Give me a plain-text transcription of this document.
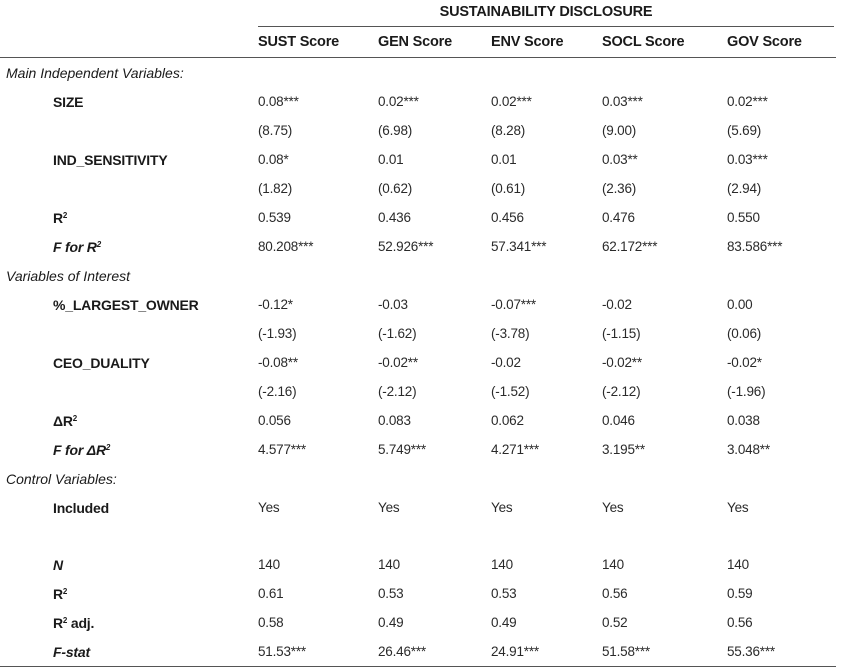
SUSTAINABILITY DISCLOSURE
	SUST Score	GEN Score	ENV Score	SOCL Score	GOV Score
Main Independent Variables:					
SIZE	0.08***	0.02***	0.02***	0.03***	0.02***
	(8.75)	(6.98)	(8.28)	(9.00)	(5.69)
IND_SENSITIVITY	0.08*	0.01	0.01	0.03**	0.03***
	(1.82)	(0.62)	(0.61)	(2.36)	(2.94)
$R^2$	0.539	0.436	0.456	0.476	0.550
F for $R^2$	80.208***	52.926***	57.341***	62.172***	83.586***
Variables of Interest					
%_LARGEST_OWNER	-0.12*	-0.03	-0.07***	-0.02	0.00
	(-1.93)	(-1.62)	(-3.78)	(-1.15)	(0.06)
CEO_DUALITY	-0.08**	-0.02**	-0.02	-0.02**	-0.02*
	(-2.16)	(-2.12)	(-1.52)	(-2.12)	(-1.96)
$\Delta R^2$	0.056	0.083	0.062	0.046	0.038
F for $\Delta R^2$	4.577***	5.749***	4.271***	3.195**	3.048**
Control Variables:					
Included	Yes	Yes	Yes	Yes	Yes

N	140	140	140	140	140
$R^2$	0.61	0.53	0.53	0.56	0.59
$R^2$ adj.	0.58	0.49	0.49	0.52	0.56
F-stat	51.53***	26.46***	24.91***	51.58***	55.36***
